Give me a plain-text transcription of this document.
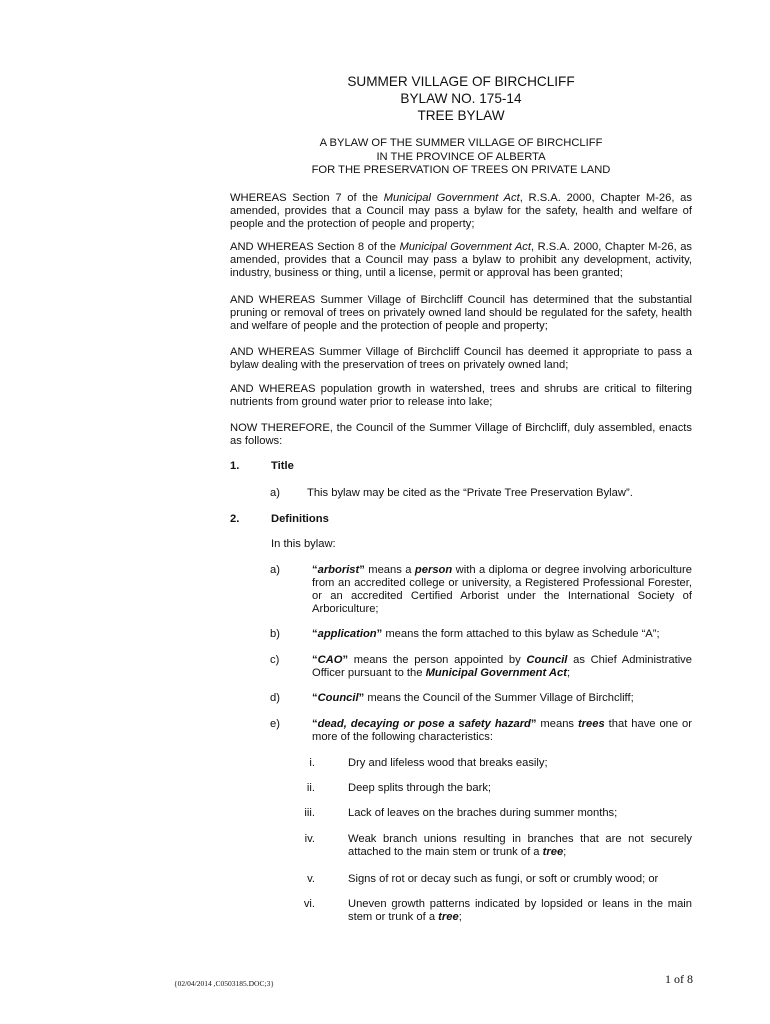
SUMMER VILLAGE OF BIRCHCLIFF
BYLAW NO. 175-14
TREE BYLAW
A BYLAW OF THE SUMMER VILLAGE OF BIRCHCLIFF
IN THE PROVINCE OF ALBERTA
FOR THE PRESERVATION OF TREES ON PRIVATE LAND
WHEREAS Section 7 of the Municipal Government Act, R.S.A. 2000, Chapter M-26, as amended, provides that a Council may pass a bylaw for the safety, health and welfare of people and the protection of people and property;
AND WHEREAS Section 8 of the Municipal Government Act, R.S.A. 2000, Chapter M-26, as amended, provides that a Council may pass a bylaw to prohibit any development, activity, industry, business or thing, until a license, permit or approval has been granted;
AND WHEREAS Summer Village of Birchcliff Council has determined that the substantial pruning or removal of trees on privately owned land should be regulated for the safety, health and welfare of people and the protection of people and property;
AND WHEREAS Summer Village of Birchcliff Council has deemed it appropriate to pass a bylaw dealing with the preservation of trees on privately owned land;
AND WHEREAS population growth in watershed, trees and shrubs are critical to filtering nutrients from ground water prior to release into lake;
NOW THEREFORE, the Council of the Summer Village of Birchcliff, duly assembled, enacts as follows:
1.	Title
a) This bylaw may be cited as the “Private Tree Preservation Bylaw”.
2.	Definitions
In this bylaw:
a)	“arborist” means a person with a diploma or degree involving arboriculture from an accredited college or university, a Registered Professional Forester, or an accredited Certified Arborist under the International Society of Arboriculture;
b)	“application” means the form attached to this bylaw as Schedule “A”;
c)	“CAO” means the person appointed by Council as Chief Administrative Officer pursuant to the Municipal Government Act;
d)	“Council” means the Council of the Summer Village of Birchcliff;
e)	“dead, decaying or pose a safety hazard” means trees that have one or more of the following characteristics:
i.	Dry and lifeless wood that breaks easily;
ii.	Deep splits through the bark;
iii.	Lack of leaves on the braches during summer months;
iv.	Weak branch unions resulting in branches that are not securely attached to the main stem or trunk of a tree;
v.	Signs of rot or decay such as fungi, or soft or crumbly wood; or
vi.	Uneven growth patterns indicated by lopsided or leans in the main stem or trunk of a tree;
{02/04/2014 ,C0503185.DOC;3}	1 of 8
